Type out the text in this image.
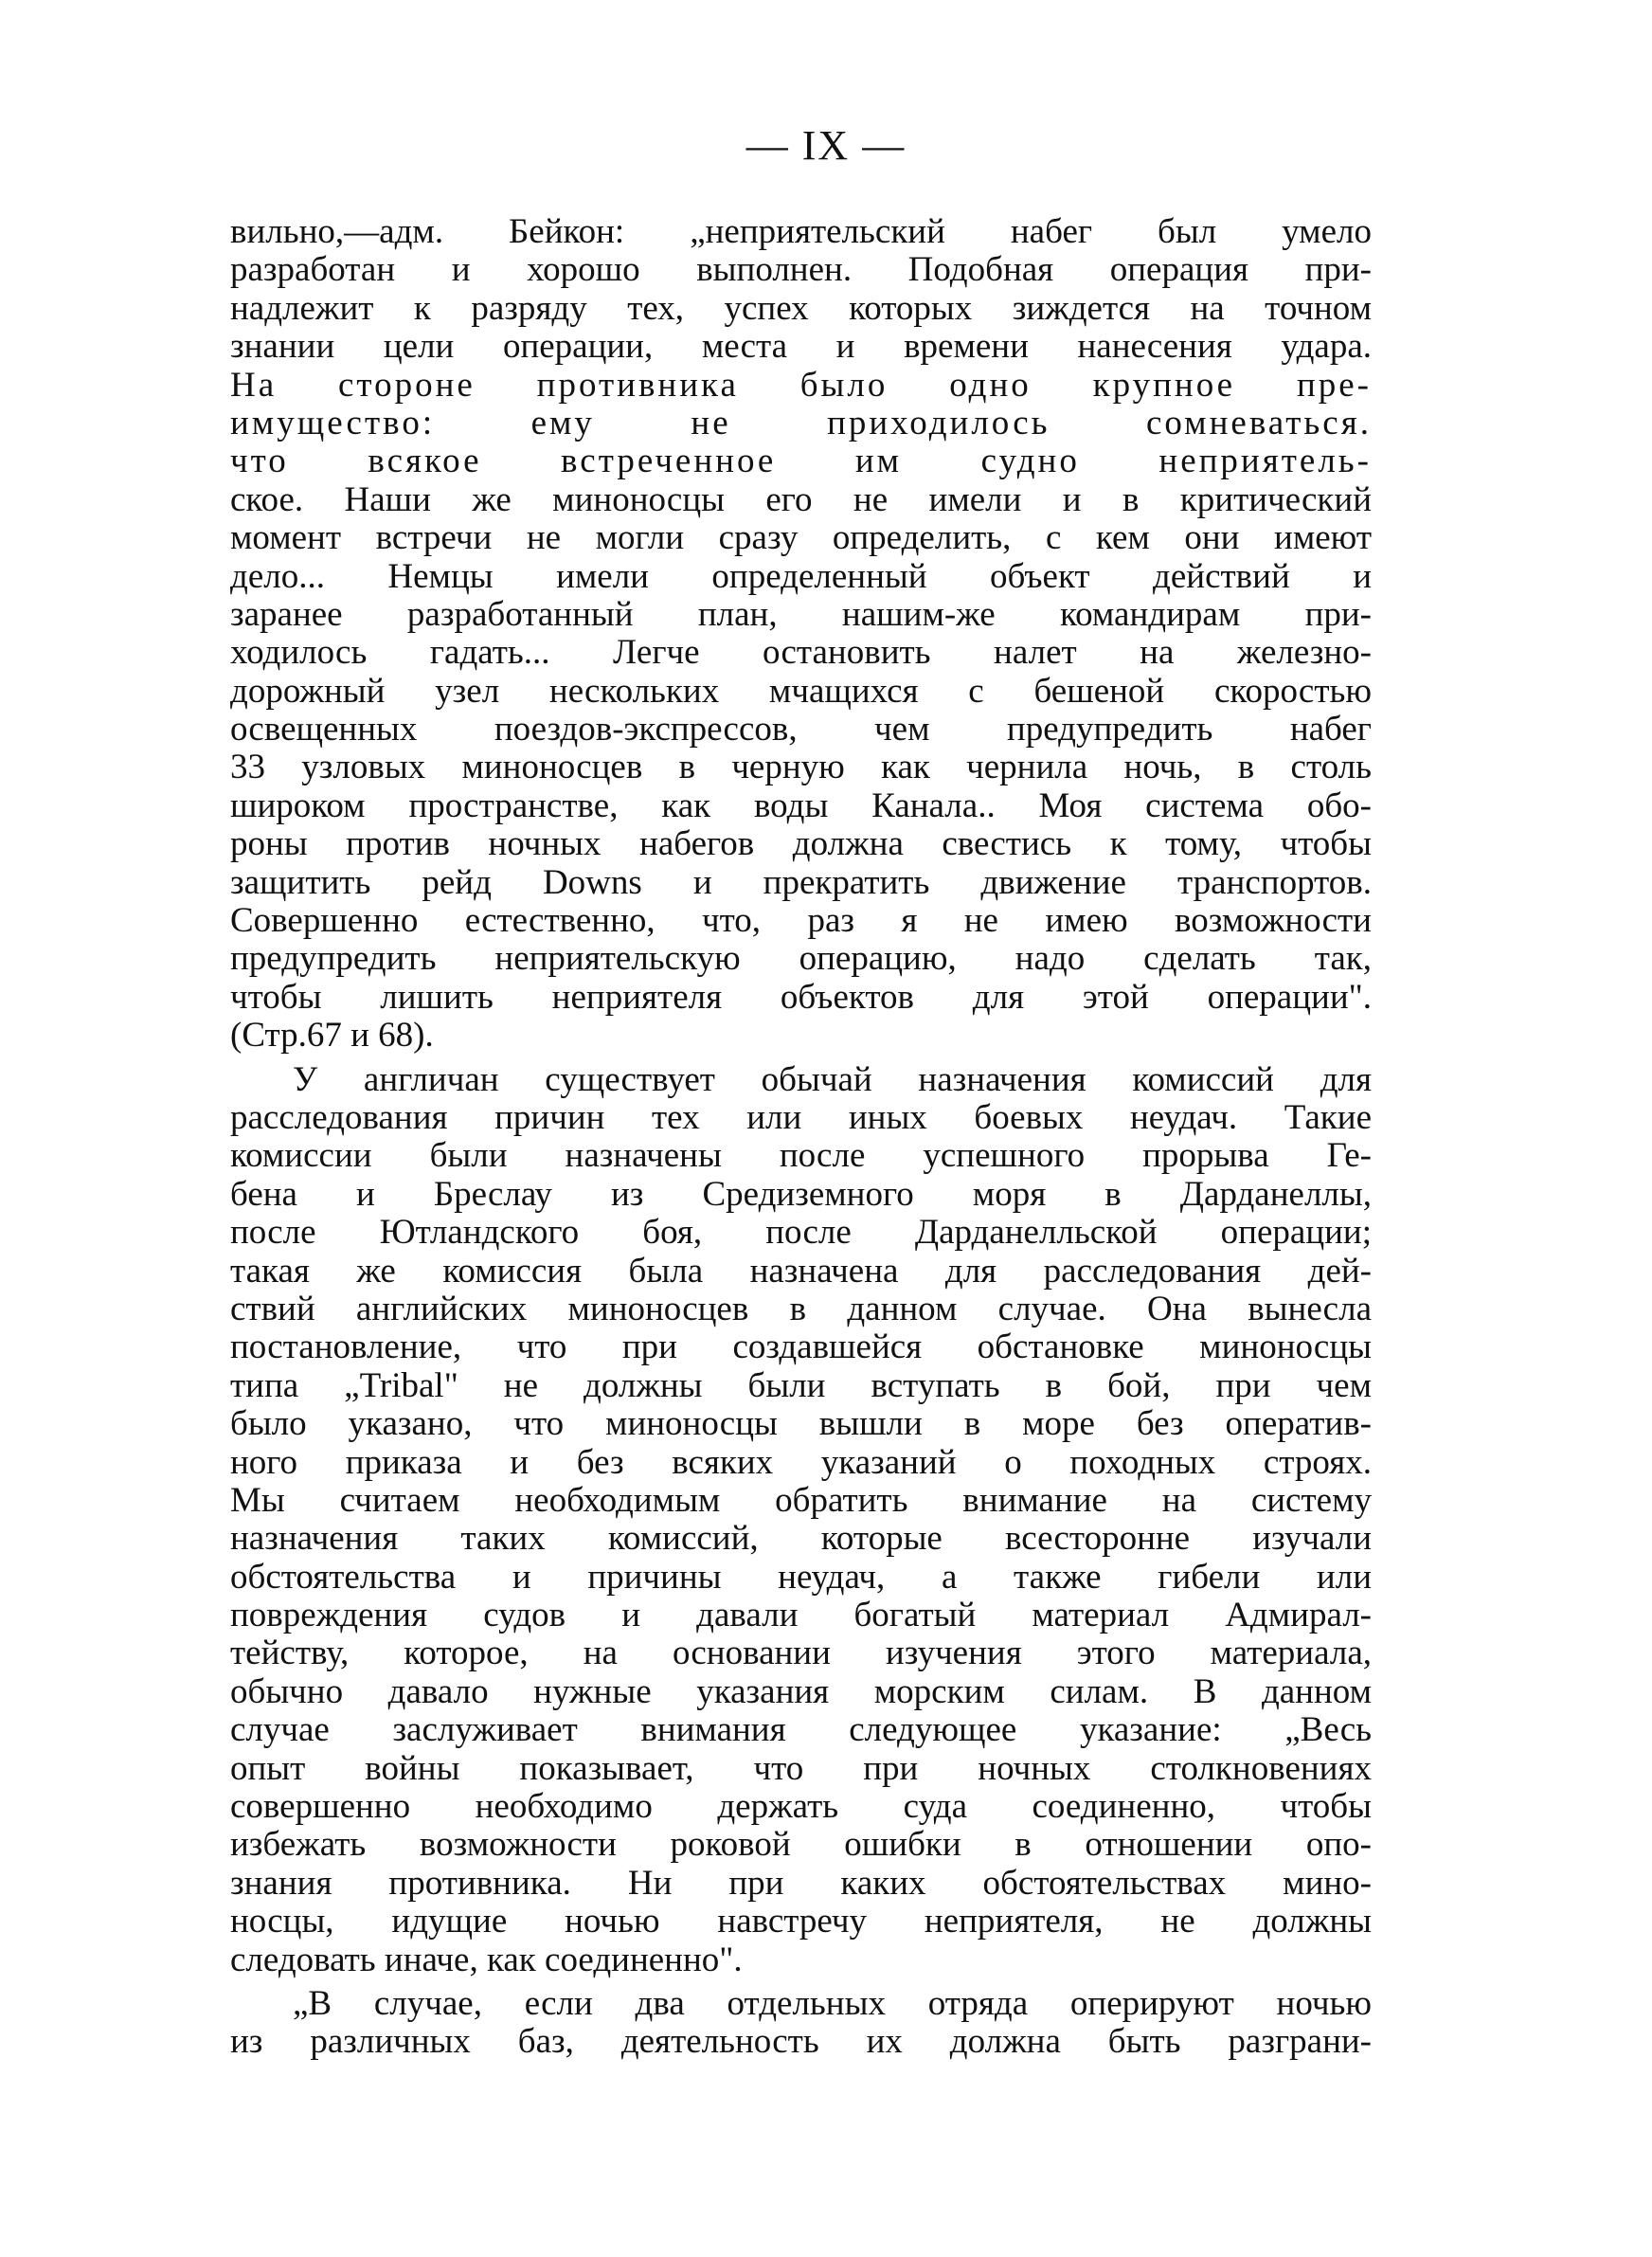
— IX —
вильно,—адм. Бейкон: „неприятельский набег был умело
разработан и хорошо выполнен. Подобная операция при-
надлежит к разряду тех, успех которых зиждется на точном
знании цели операции, места и времени нанесения удара.
На стороне противника было одно крупное пре-
имущество: ему не приходилось сомневаться.
что всякое встреченное им судно неприятель-
ское. Наши же миноносцы его не имели и в критический
момент встречи не могли сразу определить, с кем они имеют
дело... Немцы имели определенный объект действий и
заранее разработанный план, нашим-же командирам при-
ходилось гадать... Легче остановить налет на железно-
дорожный узел нескольких мчащихся с бешеной скоростью
освещенных поездов-экспрессов, чем предупредить набег
33 узловых миноносцев в черную как чернила ночь, в столь
широком пространстве, как воды Канала.. Моя система обо-
роны против ночных набегов должна свестись к тому, чтобы
защитить рейд Downs и прекратить движение транспортов.
Совершенно естественно, что, раз я не имею возможности
предупредить неприятельскую операцию, надо сделать так,
чтобы лишить неприятеля объектов для этой операции".
(Стр.67 и 68).
У англичан существует обычай назначения комиссий для
расследования причин тех или иных боевых неудач. Такие
комиссии были назначены после успешного прорыва Ге-
бена и Бреслау из Средиземного моря в Дарданеллы,
после Ютландского боя, после Дарданелльской операции;
такая же комиссия была назначена для расследования дей-
ствий английских миноносцев в данном случае. Она вынесла
постановление, что при создавшейся обстановке миноносцы
типа „Tribal" не должны были вступать в бой, при чем
было указано, что миноносцы вышли в море без оператив-
ного приказа и без всяких указаний о походных строях.
Мы считаем необходимым обратить внимание на систему
назначения таких комиссий, которые всесторонне изучали
обстоятельства и причины неудач, а также гибели или
повреждения судов и давали богатый материал Адмирал-
тейству, которое, на основании изучения этого материала,
обычно давало нужные указания морским силам. В данном
случае заслуживает внимания следующее указание: „Весь
опыт войны показывает, что при ночных столкновениях
совершенно необходимо держать суда соединенно, чтобы
избежать возможности роковой ошибки в отношении опо-
знания противника. Ни при каких обстоятельствах мино-
носцы, идущие ночью навстречу неприятеля, не должны
следовать иначе, как соединенно".
„В случае, если два отдельных отряда оперируют ночью
из различных баз, деятельность их должна быть разграни-
